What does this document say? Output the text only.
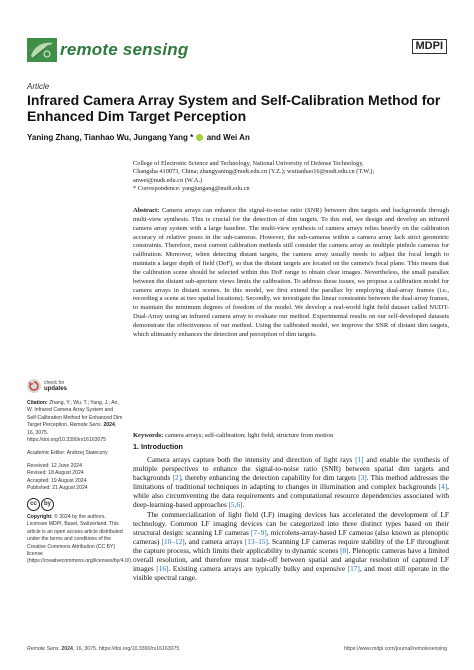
remote sensing	MDPI
Article
Infrared Camera Array System and Self-Calibration Method for Enhanced Dim Target Perception
Yaning Zhang, Tianhao Wu, Jungang Yang * and Wei An

College of Electronic Science and Technology, National University of Defense Technology,

Changsha 410073, China; zhangyaning@nudt.edu.cn (Y.Z.); wutianhao16@nudt.edu.cn (T.W.);

anwei@nudt.edu.cn (W.A.)

* Correspondence: yangjungang@nudt.edu.cn

Abstract: Camera arrays can enhance the signal-to-noise ratio (SNR) between dim targets and backgrounds through multi-view synthesis. This is crucial for the detection of dim targets. To this end, we design and develop an infrared camera array system with a large baseline. The multi-view synthesis of camera arrays relies heavily on the calibration accuracy of relative poses in the sub-cameras. However, the sub-cameras within a camera array lack strict geometric constraints. Therefore, most current calibration methods still consider the camera array as multiple pinhole cameras for calibration. Moreover, when detecting distant targets, the camera array usually needs to adjust the focal length to maintain a larger depth of field (DoF), so that the distant targets are located on the camera's focal plane. This means that the calibration scene should be selected within this DoF range to obtain clear images. Nevertheless, the small parallax between the distant sub-aperture views limits the calibration. To address these issues, we propose a calibration model for camera arrays in distant scenes. In this model, we first extend the parallax by employing dual-array frames (i.e., recording a scene at two spatial locations). Secondly, we investigate the linear constraints between the dual-array frames, to maintain the minimum degrees of freedom of the model. We develop a real-world light field dataset called NUDT-Dual-Array using an infrared camera array to evaluate our method. Experimental results on our self-developed datasets demonstrate the effectiveness of our method. Using the calibrated model, we improve the SNR of distant dim targets, which ultimately enhances the detection and perception of dim targets.
Keywords: camera arrays; self-calibration; light field; structure from motion
check for
updates
Citation: Zhang, Y.; Wu, T.; Yang, J.; An, W. Infrared Camera Array System and Self-Calibration Method for Enhanced Dim Target Perception. Remote Sens. 2024, 16, 3075. https://doi.org/10.3390/rs16163075
Academic Editor: Andrzej Stateczny
Received: 12 June 2024
Revised: 18 August 2024
Accepted: 19 August 2024
Published: 21 August 2024
cc	by
Copyright: © 2024 by the authors. Licensee MDPI, Basel, Switzerland. This article is an open access article distributed under the terms and conditions of the Creative Commons Attribution (CC BY) license (https://creativecommons.org/licenses/by/4.0/).
1. Introduction

Camera arrays capture both the intensity and direction of light rays [1] and enable the synthesis of multiple perspectives to enhance the signal-to-noise ratio (SNR) between spatial dim targets and backgrounds [2], thereby enhancing the detection capability for dim targets [3]. This method addresses the limitations of traditional techniques in adapting to changes in illumination and complex backgrounds [4], while also circumventing the data requirements and computational resource dependencies associated with deep-learning-based approaches [5,6].

The commercialization of light field (LF) imaging devices has accelerated the development of LF technology. Common LF imaging devices can be categorized into three distinct types based on their structural design: scanning LF cameras [7–9], microlens-array-based LF cameras (also known as plenoptic cameras) [10–12], and camera arrays [13–15]. Scanning LF cameras require stability of the LF throughout the capture process, which limits their applicability to dynamic scenes [8]. Plenoptic cameras have a limited overall resolution, and therefore must trade-off between spatial and angular resolution of captured LF images [16]. Existing camera arrays are typically bulky and expensive [17], and most still operate in the visible spectral range.

Remote Sens. 2024, 16, 3075. https://doi.org/10.3390/rs16163075	https://www.mdpi.com/journal/remotesensing
